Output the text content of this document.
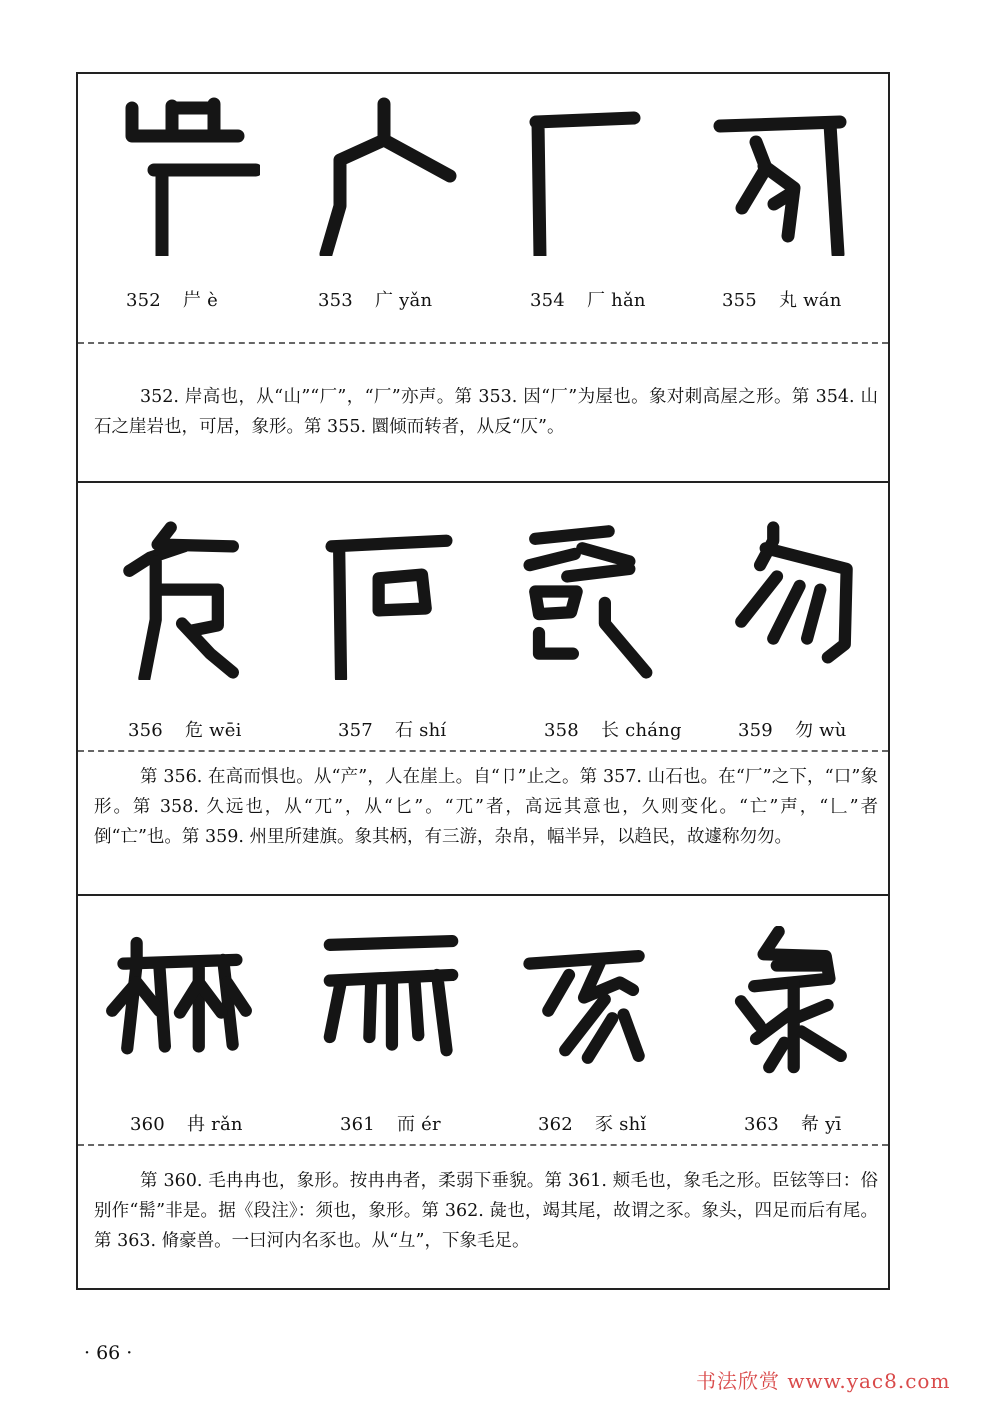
352 屵 è	353 广 yǎn	354 厂 hǎn	355 丸 wán
352. 岸高也，从“山”“厂”，“厂”亦声。第 353. 因“厂”为屋也。象对刺高屋之形。第 354. 山石之崖岩也，可居，象形。第 355. 圜倾而转者，从反“仄”。
356 危 wēi	357 石 shí	358 长 cháng	359 勿 wù
第 356. 在高而惧也。从“产”，人在崖上。自“卩”止之。第 357. 山石也。在“厂”之下，“口”象形。第 358. 久远也，从“兀”，从“匕”。“兀”者，高远其意也，久则变化。“亡”声，“𠃊”者倒“亡”也。第 359. 州里所建旗。象其柄，有三游，杂帛，幅半异，以趋民，故遽称勿勿。
360 冉 rǎn	361 而 ér	362 豕 shǐ	363 㣇 yī
第 360. 毛冉冉也，象形。按冉冉者，柔弱下垂貌。第 361. 颊毛也，象毛之形。臣铉等曰：俗别作“髵”非是。据《段注》：须也，象形。第 362. 彘也，竭其尾，故谓之豕。象头，四足而后有尾。第 363. 脩豪兽。一曰河内名豕也。从“彑”，下象毛足。
· 66 ·
书法欣赏 www.yac8.com
